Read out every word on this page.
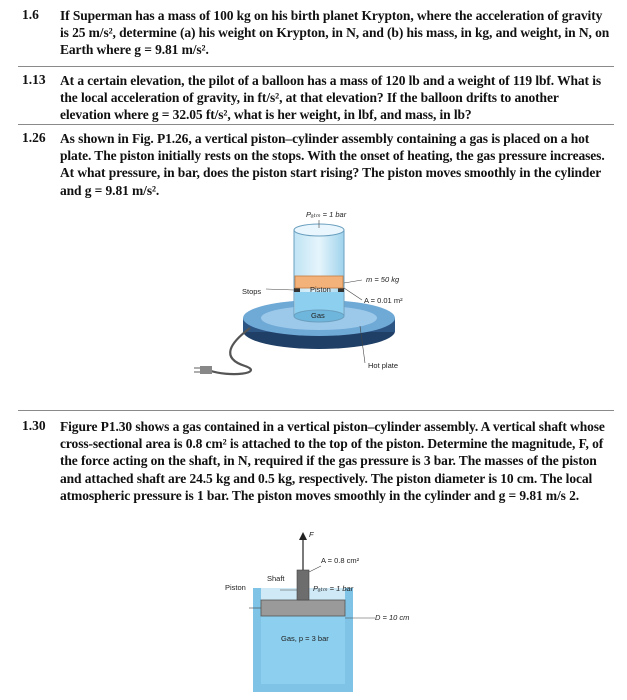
1.6	If Superman has a mass of 100 kg on his birth planet Krypton, where the acceleration of gravity is 25 m/s², determine (a) his weight on Krypton, in N, and (b) his mass, in kg, and weight, in N, on Earth where g = 9.81 m/s².
1.13	At a certain elevation, the pilot of a balloon has a mass of 120 lb and a weight of 119 lbf. What is the local acceleration of gravity, in ft/s², at that elevation? If the balloon drifts to another elevation where g = 32.05 ft/s², what is her weight, in lbf, and mass, in lb?
1.26	As shown in Fig. P1.26, a vertical piston–cylinder assembly containing a gas is placed on a hot plate. The piston initially rests on the stops. With the onset of heating, the gas pressure increases. At what pressure, in bar, does the piston start rising? The piston moves smoothly in the cylinder and g = 9.81 m/s².
Pₐₜₘ = 1 bar
Stops	Piston
m = 50 kg
A = 0.01 m²
Gas
Hot plate
1.30	Figure P1.30 shows a gas contained in a vertical piston–cylinder assembly. A vertical shaft whose cross-sectional area is 0.8 cm² is attached to the top of the piston. Determine the magnitude, F, of the force acting on the shaft, in N, required if the gas pressure is 3 bar. The masses of the piston and attached shaft are 24.5 kg and 0.5 kg, respectively. The piston diameter is 10 cm. The local atmospheric pressure is 1 bar. The piston moves smoothly in the cylinder and g = 9.81 m/s 2.
F
A = 0.8 cm²
Shaft
Piston	Pₐₜₘ = 1 bar
D = 10 cm
Gas, p = 3 bar
